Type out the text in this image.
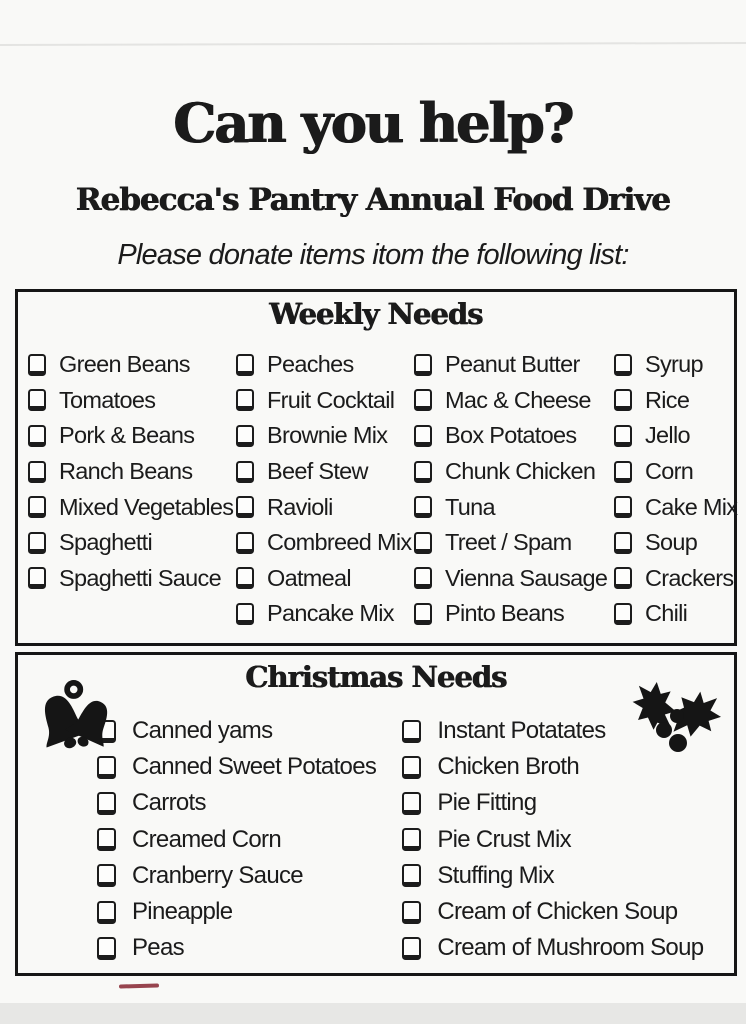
Can you help?
Rebecca's Pantry Annual Food Drive

Please donate items itom the following list:

Weekly Needs
Green Beans
Tomatoes
Pork & Beans
Ranch Beans
Mixed Vegetables
Spaghetti
Spaghetti Sauce
Peaches
Fruit Cocktail
Brownie Mix
Beef Stew
Ravioli
Combreed Mix
Oatmeal
Pancake Mix
Peanut Butter
Mac & Cheese
Box Potatoes
Chunk Chicken
Tuna
Treet / Spam
Vienna Sausage
Pinto Beans
Syrup
Rice
Jello
Corn
Cake Mix
Soup
Crackers
Chili
Christmas Needs
Canned yams
Canned Sweet Potatoes
Carrots
Creamed Corn
Cranberry Sauce
Pineapple
Peas
Instant Potatates
Chicken Broth
Pie Fitting
Pie Crust Mix
Stuffing Mix
Cream of Chicken Soup
Cream of Mushroom Soup
